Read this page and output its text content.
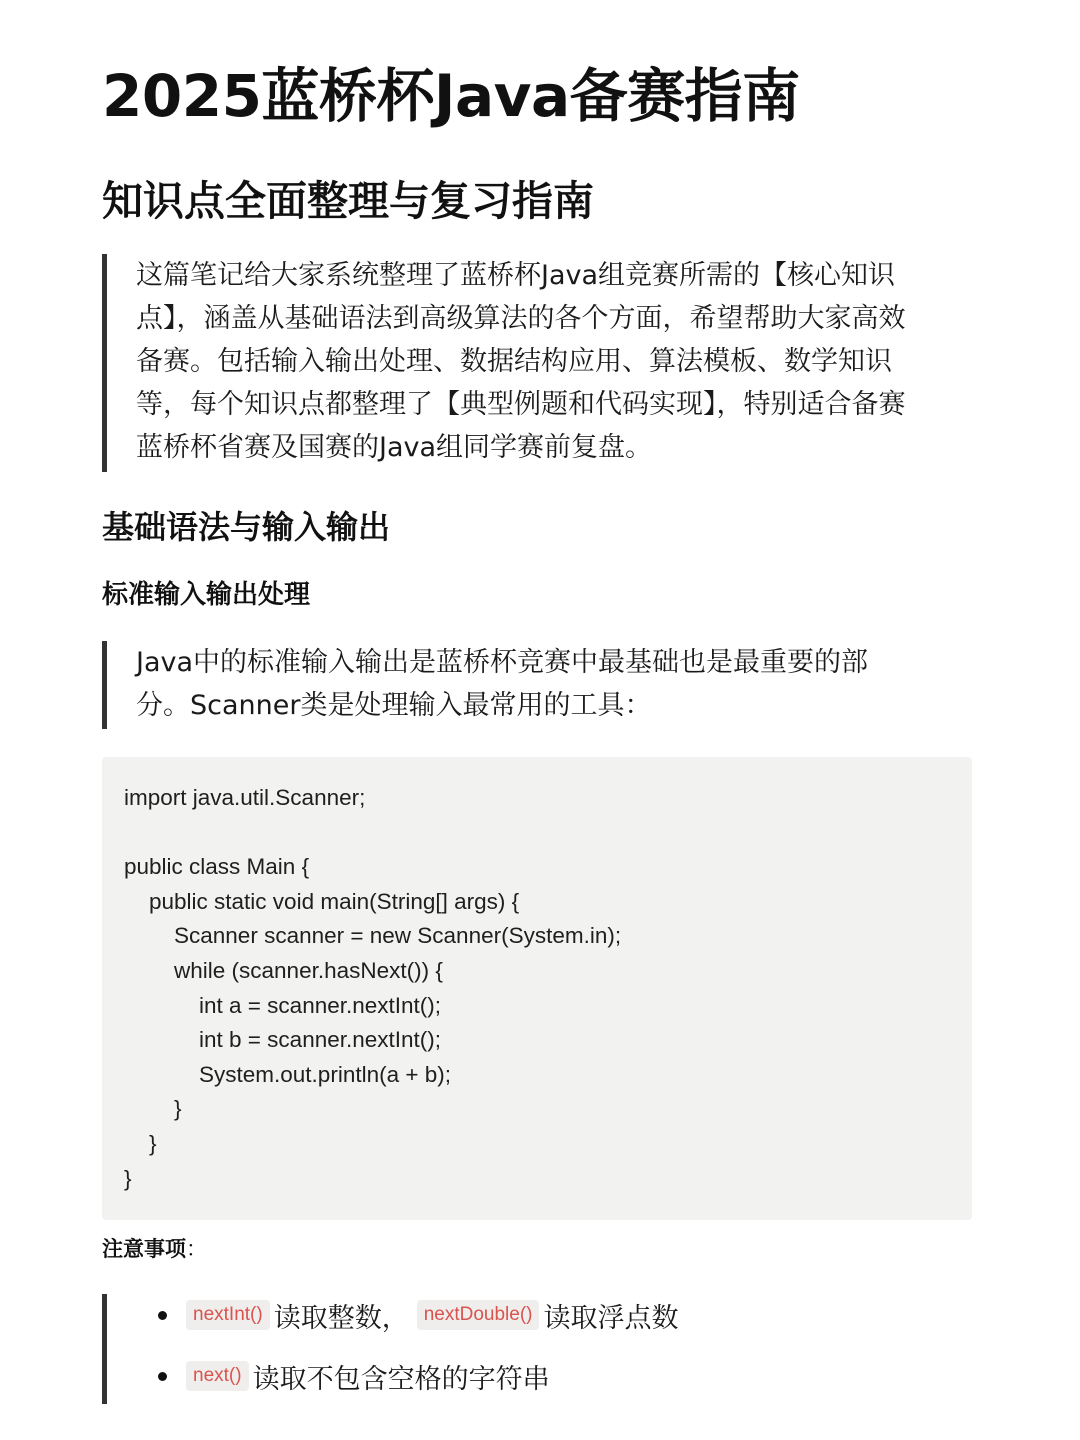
2025蓝桥杯Java备赛指南
知识点全面整理与复习指南

这篇笔记给大家系统整理了蓝桥杯Java组竞赛所需的【核心知识

点】，涵盖从基础语法到高级算法的各个方面，希望帮助大家高效

备赛。包括输入输出处理、数据结构应用、算法模板、数学知识

等，每个知识点都整理了【典型例题和代码实现】，特别适合备赛

蓝桥杯省赛及国赛的Java组同学赛前复盘。

基础语法与输入输出
标准输入输出处理

Java中的标准输入输出是蓝桥杯竞赛中最基础也是最重要的部

分。Scanner类是处理输入最常用的工具：

import java.util.Scanner;
public class Main {
public static void main(String[] args) {
Scanner scanner = new Scanner(System.in);
while (scanner.hasNext()) {
int a = scanner.nextInt();
int b = scanner.nextInt();
System.out.println(a + b);
}
}
}
注意事项：
nextInt() 读取整数， nextDouble() 读取浮点数
next() 读取不包含空格的字符串
